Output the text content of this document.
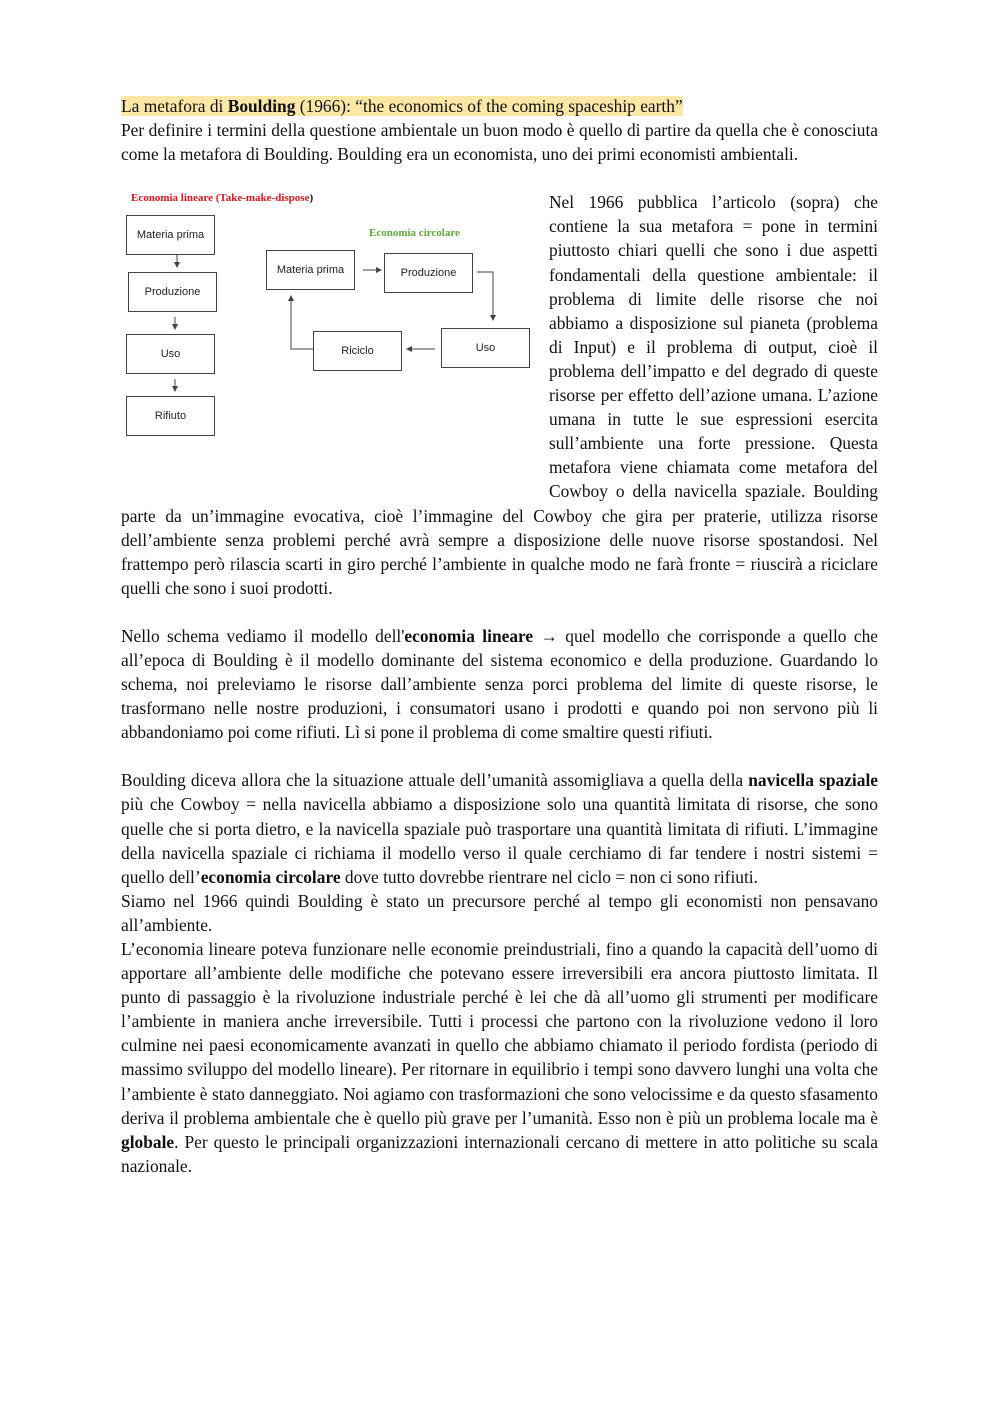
La metafora di Boulding (1966): “the economics of the coming spaceship earth”

Per definire i termini della questione ambientale un buon modo è quello di partire da quella che è conosciuta come la metafora di Boulding. Boulding era un economista, uno dei primi economisti ambientali.

Economia lineare (Take-make-dispose)
Economia circolare
Materia prima
Produzione
Uso
Rifiuto
Materia prima	Produzione
Uso
Riciclo

Nel 1966 pubblica l’articolo (sopra) che contiene la sua metafora = pone in termini piuttosto chiari quelli che sono i due aspetti fondamentali della questione ambientale: il problema di limite delle risorse che noi abbiamo a disposizione sul pianeta (problema di Input) e il problema di output, cioè il problema dell’impatto e del degrado di queste risorse per effetto dell’azione umana. L’azione umana in tutte le sue espressioni esercita sull’ambiente una forte pressione. Questa metafora viene chiamata come metafora del Cowboy o della navicella spaziale. Boulding parte da un’immagine evocativa, cioè l’immagine del Cowboy che gira per praterie, utilizza risorse dell’ambiente senza problemi perché avrà sempre a disposizione delle nuove risorse spostandosi. Nel frattempo però rilascia scarti in giro perché l’ambiente in qualche modo ne farà fronte = riuscirà a riciclare quelli che sono i suoi prodotti.

Nello schema vediamo il modello dell'economia lineare → quel modello che corrisponde a quello che all’epoca di Boulding è il modello dominante del sistema economico e della produzione. Guardando lo schema, noi preleviamo le risorse dall’ambiente senza porci problema del limite di queste risorse, le trasformano nelle nostre produzioni, i consumatori usano i prodotti e quando poi non servono più li abbandoniamo poi come rifiuti. Lì si pone il problema di come smaltire questi rifiuti.

Boulding diceva allora che la situazione attuale dell’umanità assomigliava a quella della navicella spaziale più che Cowboy = nella navicella abbiamo a disposizione solo una quantità limitata di risorse, che sono quelle che si porta dietro, e la navicella spaziale può trasportare una quantità limitata di rifiuti. L’immagine della navicella spaziale ci richiama il modello verso il quale cerchiamo di far tendere i nostri sistemi = quello dell’economia circolare dove tutto dovrebbe rientrare nel ciclo = non ci sono rifiuti.

Siamo nel 1966 quindi Boulding è stato un precursore perché al tempo gli economisti non pensavano all’ambiente.

L’economia lineare poteva funzionare nelle economie preindustriali, fino a quando la capacità dell’uomo di apportare all’ambiente delle modifiche che potevano essere irreversibili era ancora piuttosto limitata. Il punto di passaggio è la rivoluzione industriale perché è lei che dà all’uomo gli strumenti per modificare l’ambiente in maniera anche irreversibile. Tutti i processi che partono con la rivoluzione vedono il loro culmine nei paesi economicamente avanzati in quello che abbiamo chiamato il periodo fordista (periodo di massimo sviluppo del modello lineare). Per ritornare in equilibrio i tempi sono davvero lunghi una volta che l’ambiente è stato danneggiato. Noi agiamo con trasformazioni che sono velocissime e da questo sfasamento deriva il problema ambientale che è quello più grave per l’umanità. Esso non è più un problema locale ma è globale. Per questo le principali organizzazioni internazionali cercano di mettere in atto politiche su scala nazionale.
